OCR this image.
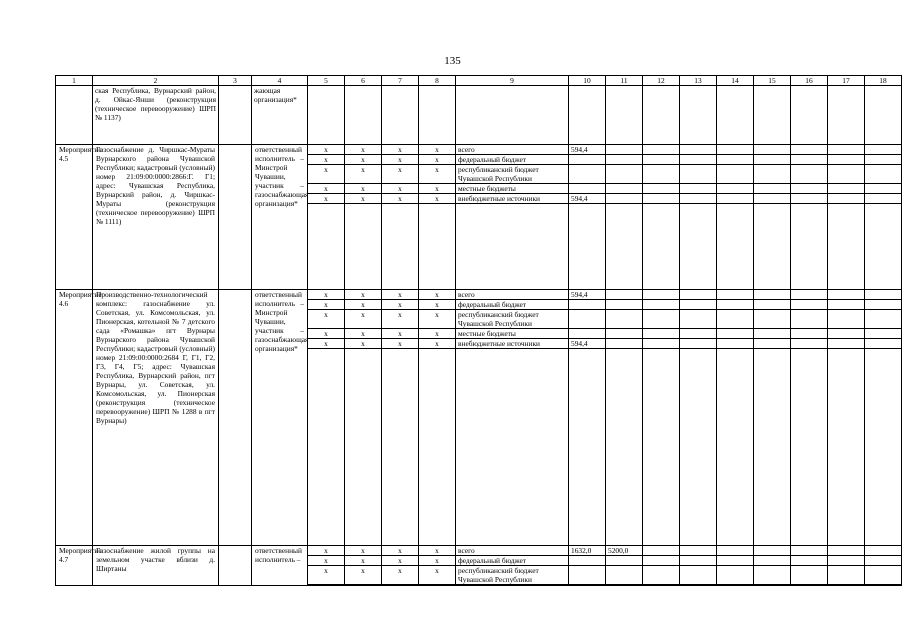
135
1	2	3	4	5	6	7	8	9	10	11	12	13	14	15	16	17	18
	ская Республика, Вурнарский район, д. Ойкас-Янши (реконструкция (техническое перевооружение) ШРП № 1137)		жающая организация*														
Мероприятие 4.5	Газоснабжение д. Чиршкас-Мураты Вурнарского района Чувашской Республики; кадастровый (условный) номер 21:09:00:0000:2866:Г. Г1; адрес: Чувашская Республика, Вурнарский район, д. Чиршкас-Мураты (реконструкция (техническое перевооружение) ШРП № 1111)		ответственный исполнитель – Минстрой Чувашии, участник – газоснабжающая организация*	x	x	x	x	всего	594,4								
				x	x	x	x	федеральный бюджет									
				x	x	x	x	республиканский бюджет Чувашской Республики									
				x	x	x	x	местные бюджеты									
				x	x	x	x	внебюджетные источники	594,4								

Мероприятие 4.6	Производственно-технологический комплекс: газоснабжение ул. Советская, ул. Комсомольская, ул. Пионерская, котельной № 7 детского сада «Ромашка» пгт Вурнары Вурнарского района Чувашской Республики; кадастровый (условный) номер 21:09:00:0000:2684 Г, Г1, Г2, Г3, Г4, Г5; адрес: Чувашская Республика, Вурнарский район, пгт Вурнары, ул. Советская, ул. Комсомольская, ул. Пионерская (реконструкция (техническое перевооружение) ШРП № 1288 в пгт Вурнары)		ответственный исполнитель – Минстрой Чувашии, участник – газоснабжающая организация*	x	x	x	x	всего	594,4								
				x	x	x	x	федеральный бюджет									
				x	x	x	x	республиканский бюджет Чувашской Республики									
				x	x	x	x	местные бюджеты									
				x	x	x	x	внебюджетные источники	594,4								

Мероприятие 4.7	Газоснабжение жилой группы на земельном участке вблизи д. Ширтаны		ответственный исполнитель –	x	x	x	x	всего	1632,0	5200,0							
				x	x	x	x	федеральный бюджет									
				x	x	x	x	республиканский бюджет Чувашской Республики									
